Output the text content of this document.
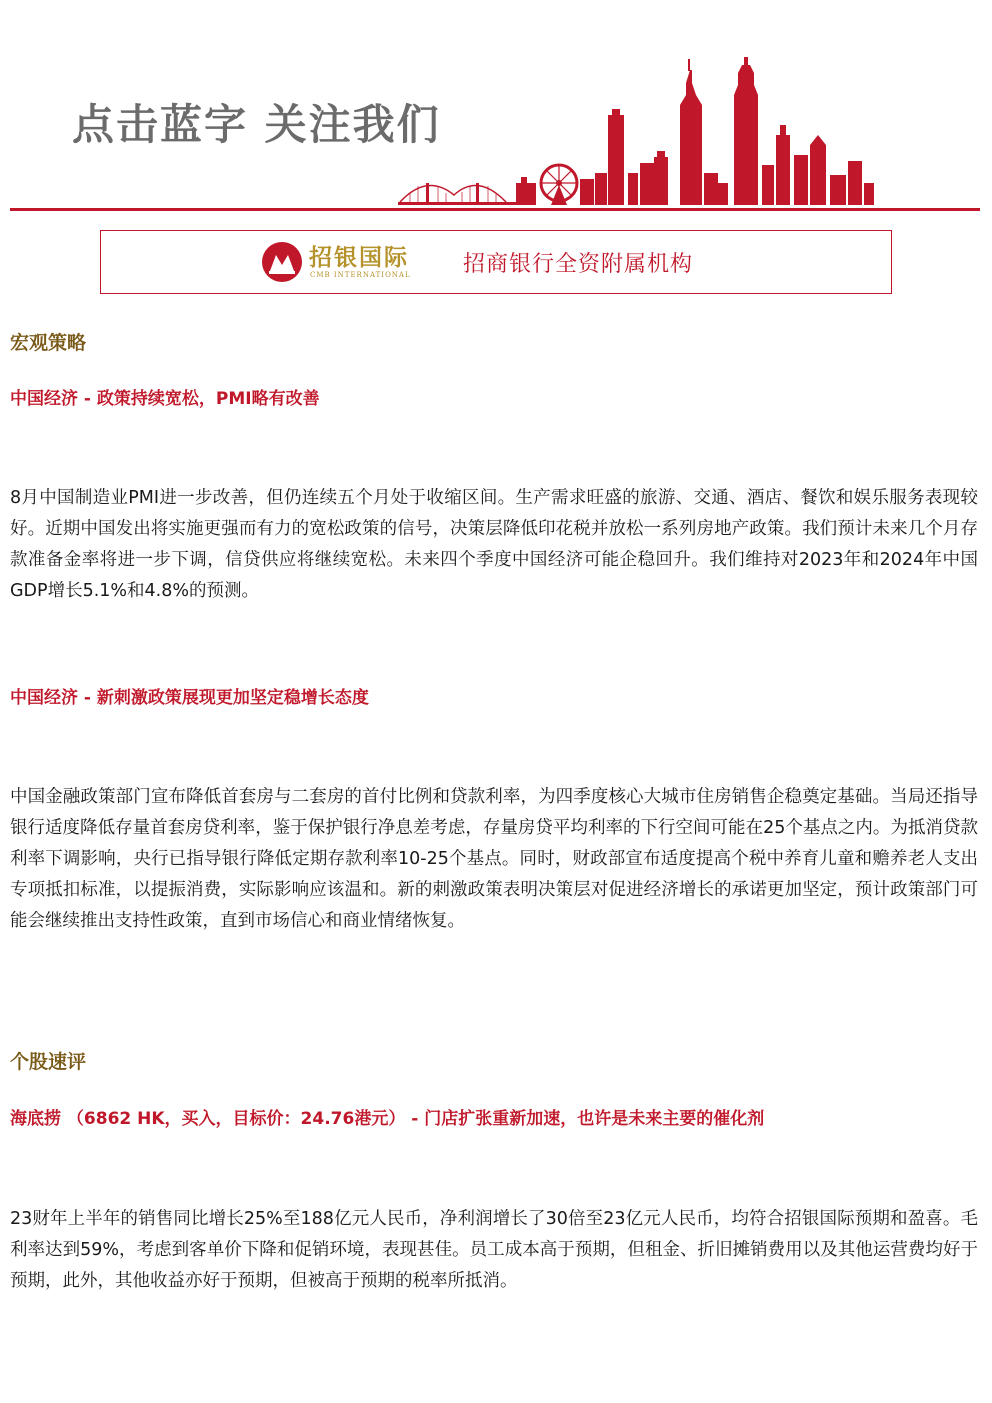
点击蓝字 关注我们
招银国际
CMB INTERNATIONAL 招商银行全资附属机构
宏观策略
中国经济 - 政策持续宽松，PMI略有改善
8月中国制造业PMI进一步改善，但仍连续五个月处于收缩区间。生产需求旺盛的旅游、交通、酒店、餐饮和娱乐服务表现较好。近期中国发出将实施更强而有力的宽松政策的信号，决策层降低印花税并放松一系列房地产政策。我们预计未来几个月存款准备金率将进一步下调，信贷供应将继续宽松。未来四个季度中国经济可能企稳回升。我们维持对2023年和2024年中国GDP增长5.1%和4.8%的预测。
中国经济 - 新刺激政策展现更加坚定稳增长态度
中国金融政策部门宣布降低首套房与二套房的首付比例和贷款利率，为四季度核心大城市住房销售企稳奠定基础。当局还指导银行适度降低存量首套房贷利率，鉴于保护银行净息差考虑，存量房贷平均利率的下行空间可能在25个基点之内。为抵消贷款利率下调影响，央行已指导银行降低定期存款利率10-25个基点。同时，财政部宣布适度提高个税中养育儿童和赡养老人支出专项抵扣标准，以提振消费，实际影响应该温和。新的刺激政策表明决策层对促进经济增长的承诺更加坚定，预计政策部门可能会继续推出支持性政策，直到市场信心和商业情绪恢复。
个股速评
海底捞 （6862 HK，买入，目标价：24.76港元） - 门店扩张重新加速，也许是未来主要的催化剂
23财年上半年的销售同比增长25%至188亿元人民币，净利润增长了30倍至23亿元人民币，均符合招银国际预期和盈喜。毛利率达到59%，考虑到客单价下降和促销环境，表现甚佳。员工成本高于预期，但租金、折旧摊销费用以及其他运营费均好于预期，此外，其他收益亦好于预期，但被高于预期的税率所抵消。
